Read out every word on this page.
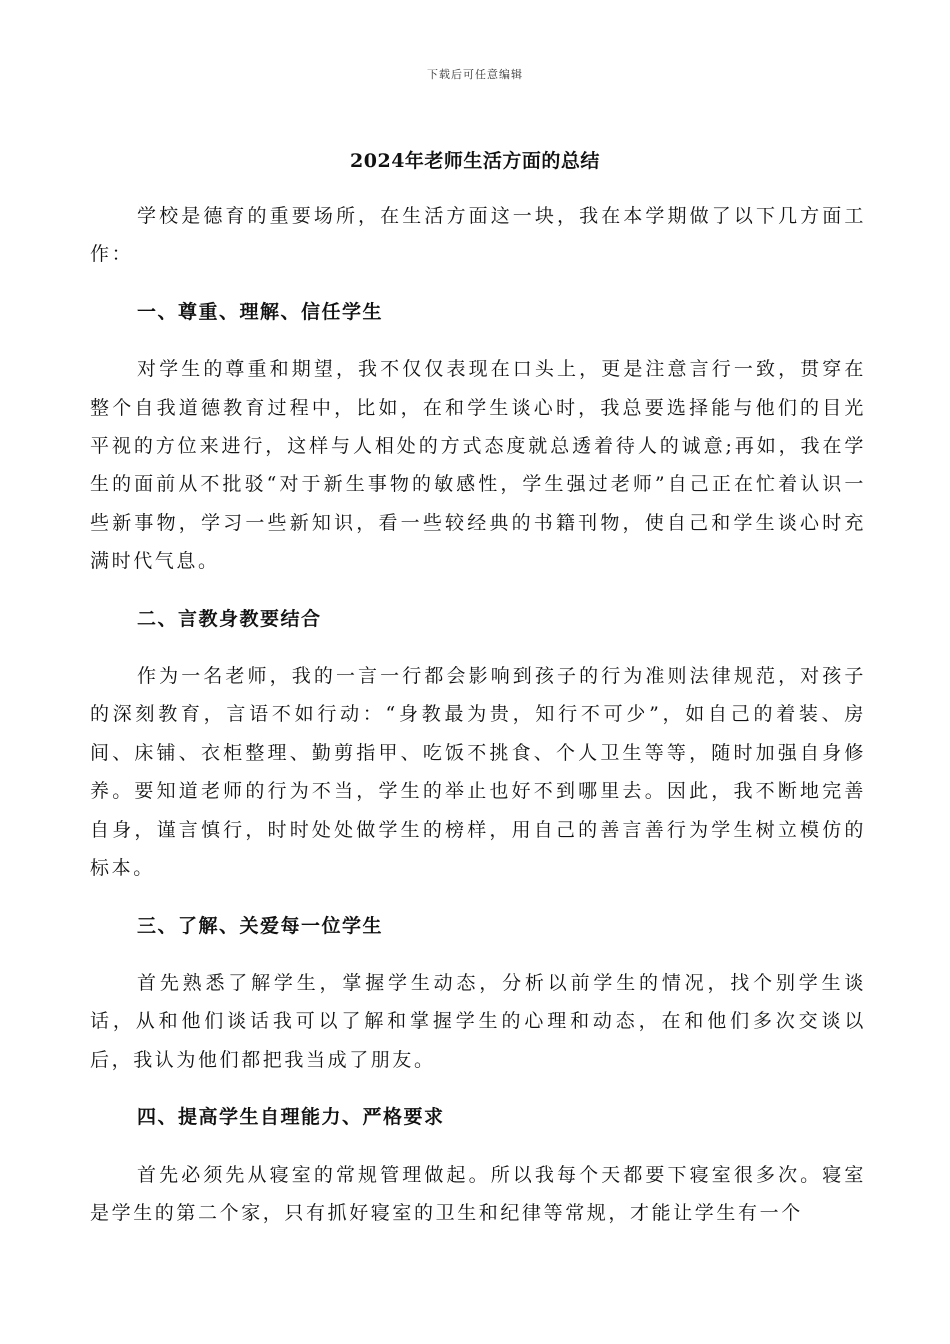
下载后可任意编辑
2024年老师生活方面的总结

学校是德育的重要场所，在生活方面这一块，我在本学期做了以下几方面工作：

一、尊重、理解、信任学生

对学生的尊重和期望，我不仅仅表现在口头上，更是注意言行一致，贯穿在整个自我道德教育过程中，比如，在和学生谈心时，我总要选择能与他们的目光平视的方位来进行，这样与人相处的方式态度就总透着待人的诚意;再如，我在学生的面前从不批驳“对于新生事物的敏感性，学生强过老师”自己正在忙着认识一些新事物，学习一些新知识，看一些较经典的书籍刊物，使自己和学生谈心时充满时代气息。

二、言教身教要结合

作为一名老师，我的一言一行都会影响到孩子的行为准则法律规范，对孩子的深刻教育，言语不如行动：“身教最为贵，知行不可少”，如自己的着装、房间、床铺、衣柜整理、勤剪指甲、吃饭不挑食、个人卫生等等，随时加强自身修养。要知道老师的行为不当，学生的举止也好不到哪里去。因此，我不断地完善自身，谨言慎行，时时处处做学生的榜样，用自己的善言善行为学生树立模仿的标本。

三、了解、关爱每一位学生

首先熟悉了解学生，掌握学生动态，分析以前学生的情况，找个别学生谈话，从和他们谈话我可以了解和掌握学生的心理和动态，在和他们多次交谈以后，我认为他们都把我当成了朋友。

四、提高学生自理能力、严格要求

首先必须先从寝室的常规管理做起。所以我每个天都要下寝室很多次。寝室是学生的第二个家，只有抓好寝室的卫生和纪律等常规，才能让学生有一个
